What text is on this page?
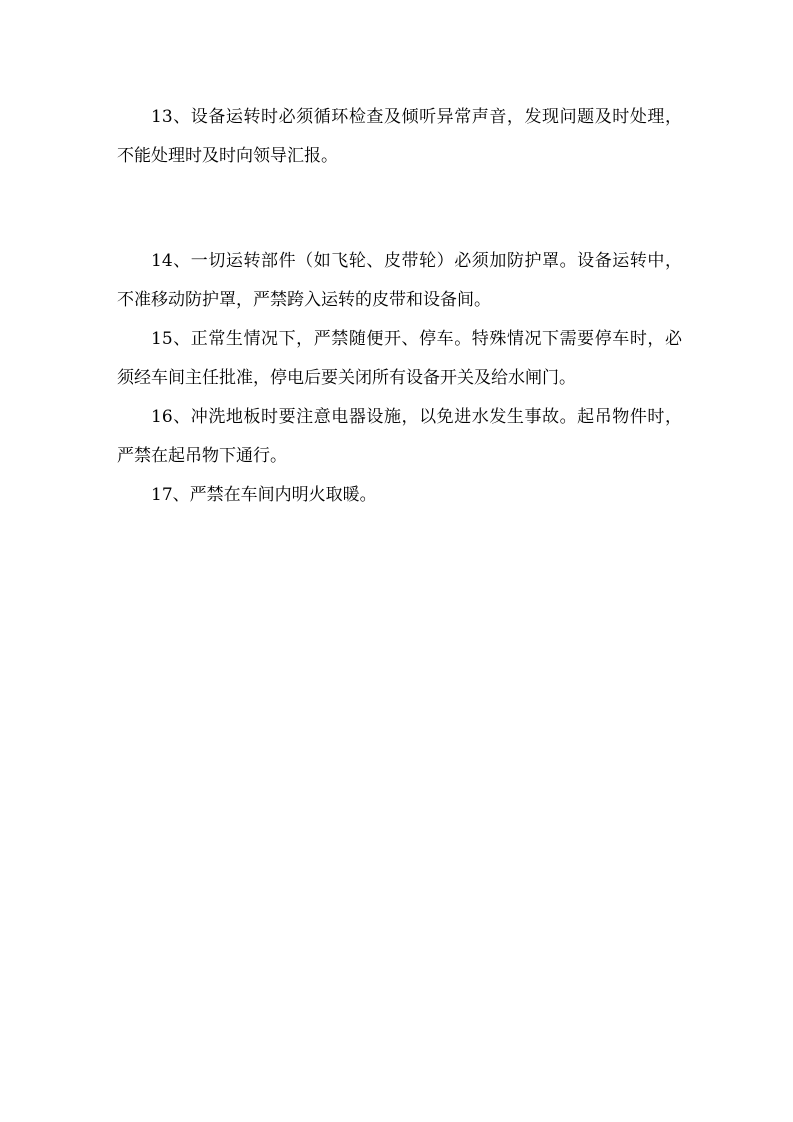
13、设备运转时必须循环检查及倾听异常声音，发现问题及时处理，不能处理时及时向领导汇报。

14、一切运转部件（如飞轮、皮带轮）必须加防护罩。设备运转中，不准移动防护罩，严禁跨入运转的皮带和设备间。

15、正常生情况下，严禁随便开、停车。特殊情况下需要停车时，必须经车间主任批准，停电后要关闭所有设备开关及给水闸门。

16、冲洗地板时要注意电器设施，以免进水发生事故。起吊物件时，严禁在起吊物下通行。

17、严禁在车间内明火取暖。
